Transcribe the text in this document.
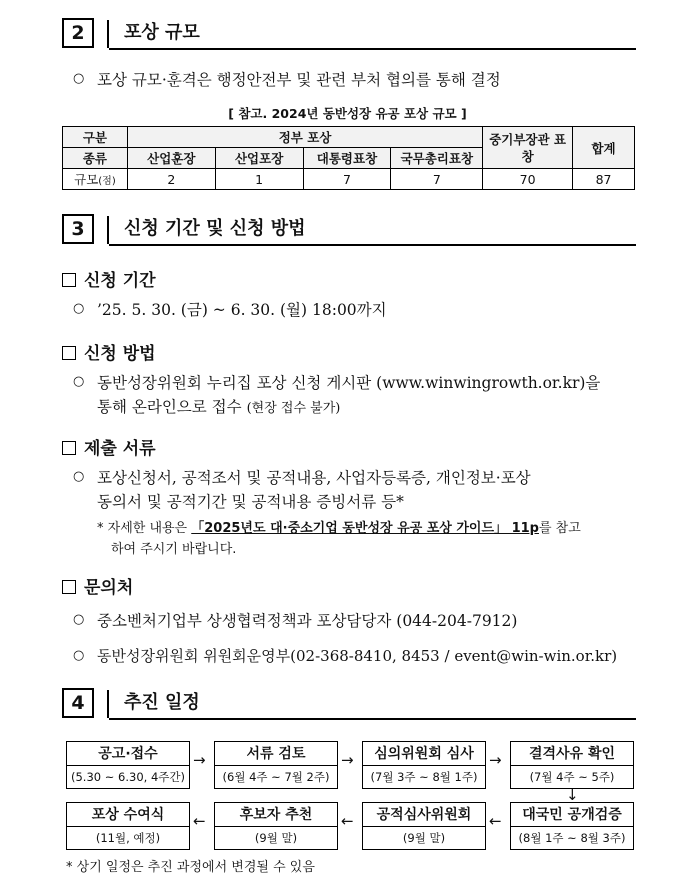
2	포상 규모
○ 포상 규모·훈격은 행정안전부 및 관련 부처 협의를 통해 결정
[ 참고. 2024년 동반성장 유공 포상 규모 ]
구분	정부 포상				중기부장관 표창	합계
종류	산업훈장	산업포장	대통령표창	국무총리표창		
규모(점)	2	1	7	7	70	87
3	신청 기간 및 신청 방법
신청 기간
○ ’25. 5. 30. (금) ~ 6. 30. (월) 18:00까지
신청 방법
○ 동반성장위원회 누리집 포상 신청 게시판 (www.winwingrowth.or.kr)을
통해 온라인으로 접수 (현장 접수 불가)
제출 서류
○ 포상신청서, 공적조서 및 공적내용, 사업자등록증, 개인정보·포상
동의서 및 공적기간 및 공적내용 증빙서류 등*
* 자세한 내용은 「2025년도 대·중소기업 동반성장 유공 포상 가이드」 11p를 참고
하여 주시기 바랍니다.
문의처
○ 중소벤처기업부 상생협력정책과 포상담당자 (044-204-7912)
○ 동반성장위원회 위원회운영부(02-368-8410, 8453 / event@win-win.or.kr)
4	추진 일정
공고·접수
(5.30 ~ 6.30, 4주간)
→	서류 검토
(6월 4주 ~ 7월 2주)
→	심의위원회 심사
(7월 3주 ~ 8월 1주)
→	결격사유 확인
(7월 4주 ~ 5주)
↓
포상 수여식
(11월, 예정)
←	후보자 추천
(9월 말)
←	공적심사위원회
(9월 말)
←	대국민 공개검증
(8월 1주 ~ 8월 3주)
* 상기 일정은 추진 과정에서 변경될 수 있음
